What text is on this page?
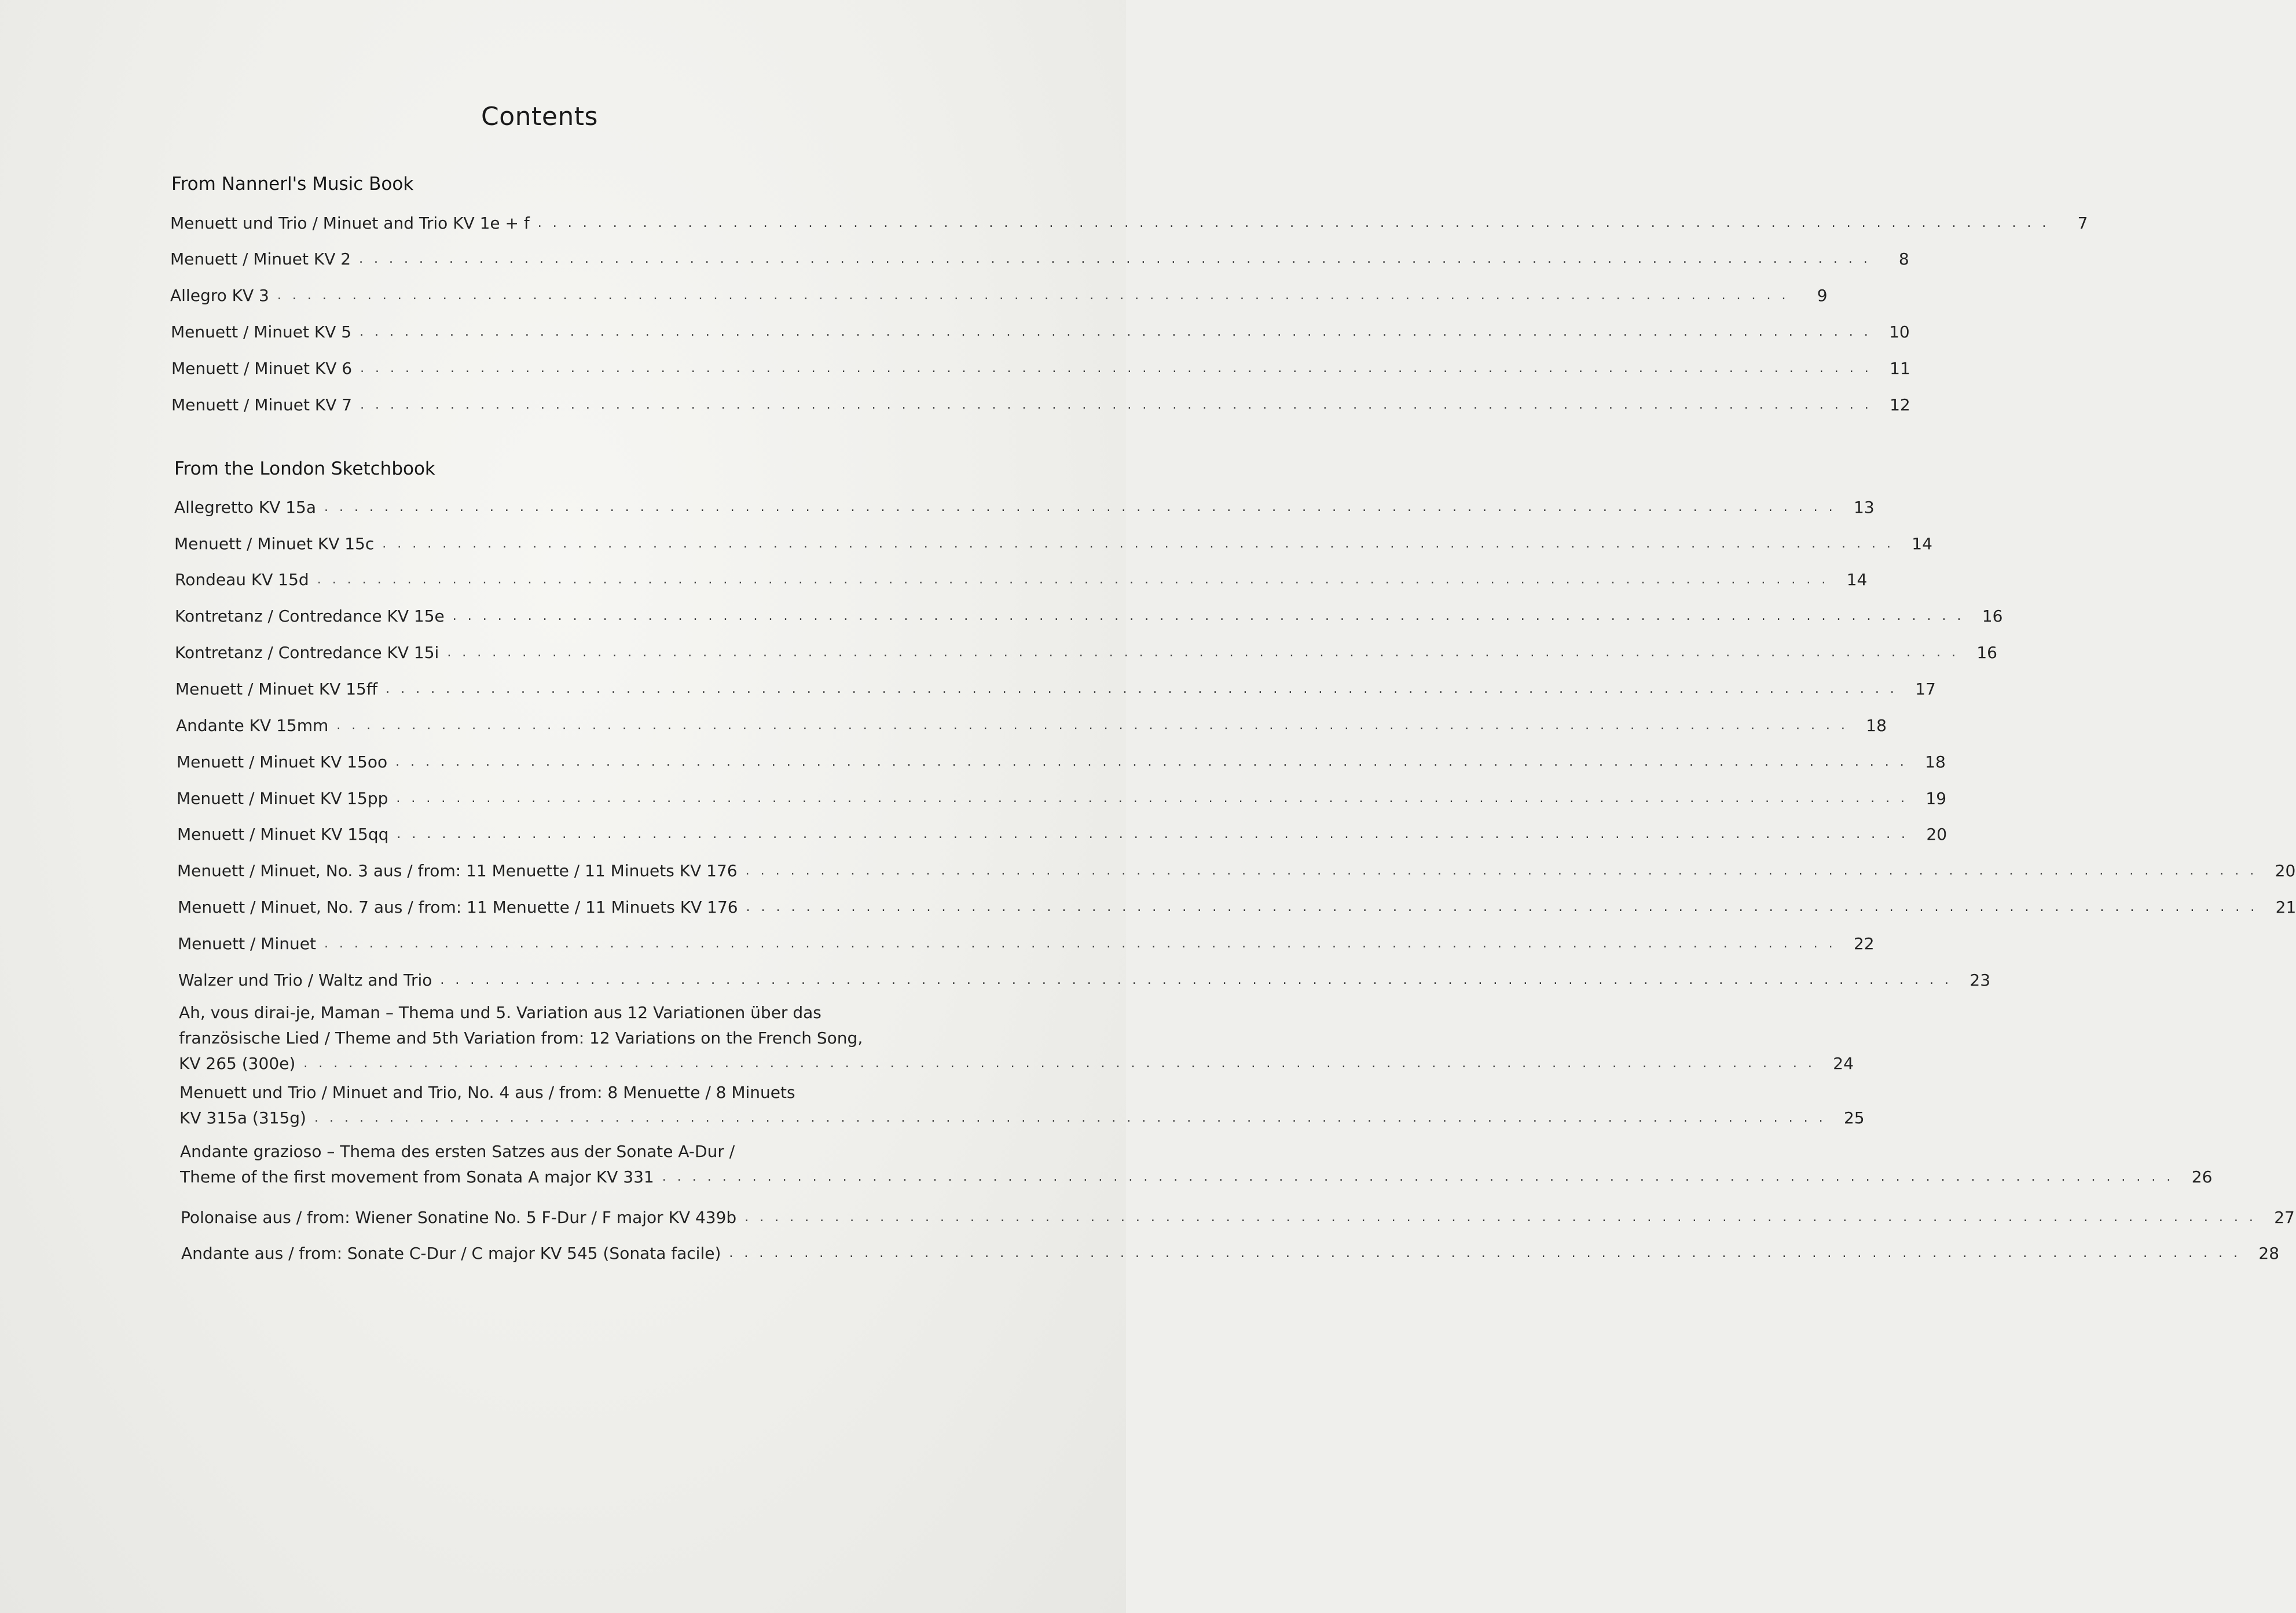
Contents
From Nannerl's Music Book
Menuett und Trio / Minuet and Trio KV 1e + f . . . . . . . . . . . . . . . . . . . . . . . . . . . . . . . . . . . . . . . . . . . . . . . . . . . . . . . . . . . . . . . . . . . . . . . . . . . . . . . . . . . . . . . . . . . . . . . . . . . . .	7
Menuett / Minuet KV 2 . . . . . . . . . . . . . . . . . . . . . . . . . . . . . . . . . . . . . . . . . . . . . . . . . . . . . . . . . . . . . . . . . . . . . . . . . . . . . . . . . . . . . . . . . . . . . . . . . . . . .	8
Allegro KV 3 . . . . . . . . . . . . . . . . . . . . . . . . . . . . . . . . . . . . . . . . . . . . . . . . . . . . . . . . . . . . . . . . . . . . . . . . . . . . . . . . . . . . . . . . . . . . . . . . . . . . .	9
Menuett / Minuet KV 5 . . . . . . . . . . . . . . . . . . . . . . . . . . . . . . . . . . . . . . . . . . . . . . . . . . . . . . . . . . . . . . . . . . . . . . . . . . . . . . . . . . . . . . . . . . . . . . . . . . . . .	10
Menuett / Minuet KV 6 . . . . . . . . . . . . . . . . . . . . . . . . . . . . . . . . . . . . . . . . . . . . . . . . . . . . . . . . . . . . . . . . . . . . . . . . . . . . . . . . . . . . . . . . . . . . . . . . . . . . .	11
Menuett / Minuet KV 7 . . . . . . . . . . . . . . . . . . . . . . . . . . . . . . . . . . . . . . . . . . . . . . . . . . . . . . . . . . . . . . . . . . . . . . . . . . . . . . . . . . . . . . . . . . . . . . . . . . . . .	12
From the London Sketchbook
Allegretto KV 15a . . . . . . . . . . . . . . . . . . . . . . . . . . . . . . . . . . . . . . . . . . . . . . . . . . . . . . . . . . . . . . . . . . . . . . . . . . . . . . . . . . . . . . . . . . . . . . . . . . . . .	13
Menuett / Minuet KV 15c . . . . . . . . . . . . . . . . . . . . . . . . . . . . . . . . . . . . . . . . . . . . . . . . . . . . . . . . . . . . . . . . . . . . . . . . . . . . . . . . . . . . . . . . . . . . . . . . . . . . .	14
Rondeau KV 15d . . . . . . . . . . . . . . . . . . . . . . . . . . . . . . . . . . . . . . . . . . . . . . . . . . . . . . . . . . . . . . . . . . . . . . . . . . . . . . . . . . . . . . . . . . . . . . . . . . . . .	14
Kontretanz / Contredance KV 15e . . . . . . . . . . . . . . . . . . . . . . . . . . . . . . . . . . . . . . . . . . . . . . . . . . . . . . . . . . . . . . . . . . . . . . . . . . . . . . . . . . . . . . . . . . . . . . . . . . . . .	16
Kontretanz / Contredance KV 15i . . . . . . . . . . . . . . . . . . . . . . . . . . . . . . . . . . . . . . . . . . . . . . . . . . . . . . . . . . . . . . . . . . . . . . . . . . . . . . . . . . . . . . . . . . . . . . . . . . . . .	16
Menuett / Minuet KV 15ff . . . . . . . . . . . . . . . . . . . . . . . . . . . . . . . . . . . . . . . . . . . . . . . . . . . . . . . . . . . . . . . . . . . . . . . . . . . . . . . . . . . . . . . . . . . . . . . . . . . . .	17
Andante KV 15mm . . . . . . . . . . . . . . . . . . . . . . . . . . . . . . . . . . . . . . . . . . . . . . . . . . . . . . . . . . . . . . . . . . . . . . . . . . . . . . . . . . . . . . . . . . . . . . . . . . . . .	18
Menuett / Minuet KV 15oo . . . . . . . . . . . . . . . . . . . . . . . . . . . . . . . . . . . . . . . . . . . . . . . . . . . . . . . . . . . . . . . . . . . . . . . . . . . . . . . . . . . . . . . . . . . . . . . . . . . . .	18
Menuett / Minuet KV 15pp . . . . . . . . . . . . . . . . . . . . . . . . . . . . . . . . . . . . . . . . . . . . . . . . . . . . . . . . . . . . . . . . . . . . . . . . . . . . . . . . . . . . . . . . . . . . . . . . . . . . .	19
Menuett / Minuet KV 15qq . . . . . . . . . . . . . . . . . . . . . . . . . . . . . . . . . . . . . . . . . . . . . . . . . . . . . . . . . . . . . . . . . . . . . . . . . . . . . . . . . . . . . . . . . . . . . . . . . . . . .	20
Menuett / Minuet, No. 3 aus / from: 11 Menuette / 11 Minuets KV 176 . . . . . . . . . . . . . . . . . . . . . . . . . . . . . . . . . . . . . . . . . . . . . . . . . . . . . . . . . . . . . . . . . . . . . . . . . . . . . . . . . . . . . . . . . . . . . . . . . . . . .	20
Menuett / Minuet, No. 7 aus / from: 11 Menuette / 11 Minuets KV 176 . . . . . . . . . . . . . . . . . . . . . . . . . . . . . . . . . . . . . . . . . . . . . . . . . . . . . . . . . . . . . . . . . . . . . . . . . . . . . . . . . . . . . . . . . . . . . . . . . . . . .	21
Menuett / Minuet . . . . . . . . . . . . . . . . . . . . . . . . . . . . . . . . . . . . . . . . . . . . . . . . . . . . . . . . . . . . . . . . . . . . . . . . . . . . . . . . . . . . . . . . . . . . . . . . . . . . .	22
Walzer und Trio / Waltz and Trio . . . . . . . . . . . . . . . . . . . . . . . . . . . . . . . . . . . . . . . . . . . . . . . . . . . . . . . . . . . . . . . . . . . . . . . . . . . . . . . . . . . . . . . . . . . . . . . . . . . . .	23
Ah, vous dirai-je, Maman – Thema und 5. Variation aus 12 Variationen über das
französische Lied / Theme and 5th Variation from: 12 Variations on the French Song,
KV 265 (300e) . . . . . . . . . . . . . . . . . . . . . . . . . . . . . . . . . . . . . . . . . . . . . . . . . . . . . . . . . . . . . . . . . . . . . . . . . . . . . . . . . . . . . . . . . . . . . . . . . . . . .	24
Menuett und Trio / Minuet and Trio, No. 4 aus / from: 8 Menuette / 8 Minuets
KV 315a (315g) . . . . . . . . . . . . . . . . . . . . . . . . . . . . . . . . . . . . . . . . . . . . . . . . . . . . . . . . . . . . . . . . . . . . . . . . . . . . . . . . . . . . . . . . . . . . . . . . . . . . .	25
Andante grazioso – Thema des ersten Satzes aus der Sonate A-Dur /
Theme of the first movement from Sonata A major KV 331 . . . . . . . . . . . . . . . . . . . . . . . . . . . . . . . . . . . . . . . . . . . . . . . . . . . . . . . . . . . . . . . . . . . . . . . . . . . . . . . . . . . . . . . . . . . . . . . . . . . . .	26
Polonaise aus / from: Wiener Sonatine No. 5 F-Dur / F major KV 439b . . . . . . . . . . . . . . . . . . . . . . . . . . . . . . . . . . . . . . . . . . . . . . . . . . . . . . . . . . . . . . . . . . . . . . . . . . . . . . . . . . . . . . . . . . . . . . . . . . . . .	27
Andante aus / from: Sonate C-Dur / C major KV 545 (Sonata facile) . . . . . . . . . . . . . . . . . . . . . . . . . . . . . . . . . . . . . . . . . . . . . . . . . . . . . . . . . . . . . . . . . . . . . . . . . . . . . . . . . . . . . . . . . . . . . . . . . . . . .	28
